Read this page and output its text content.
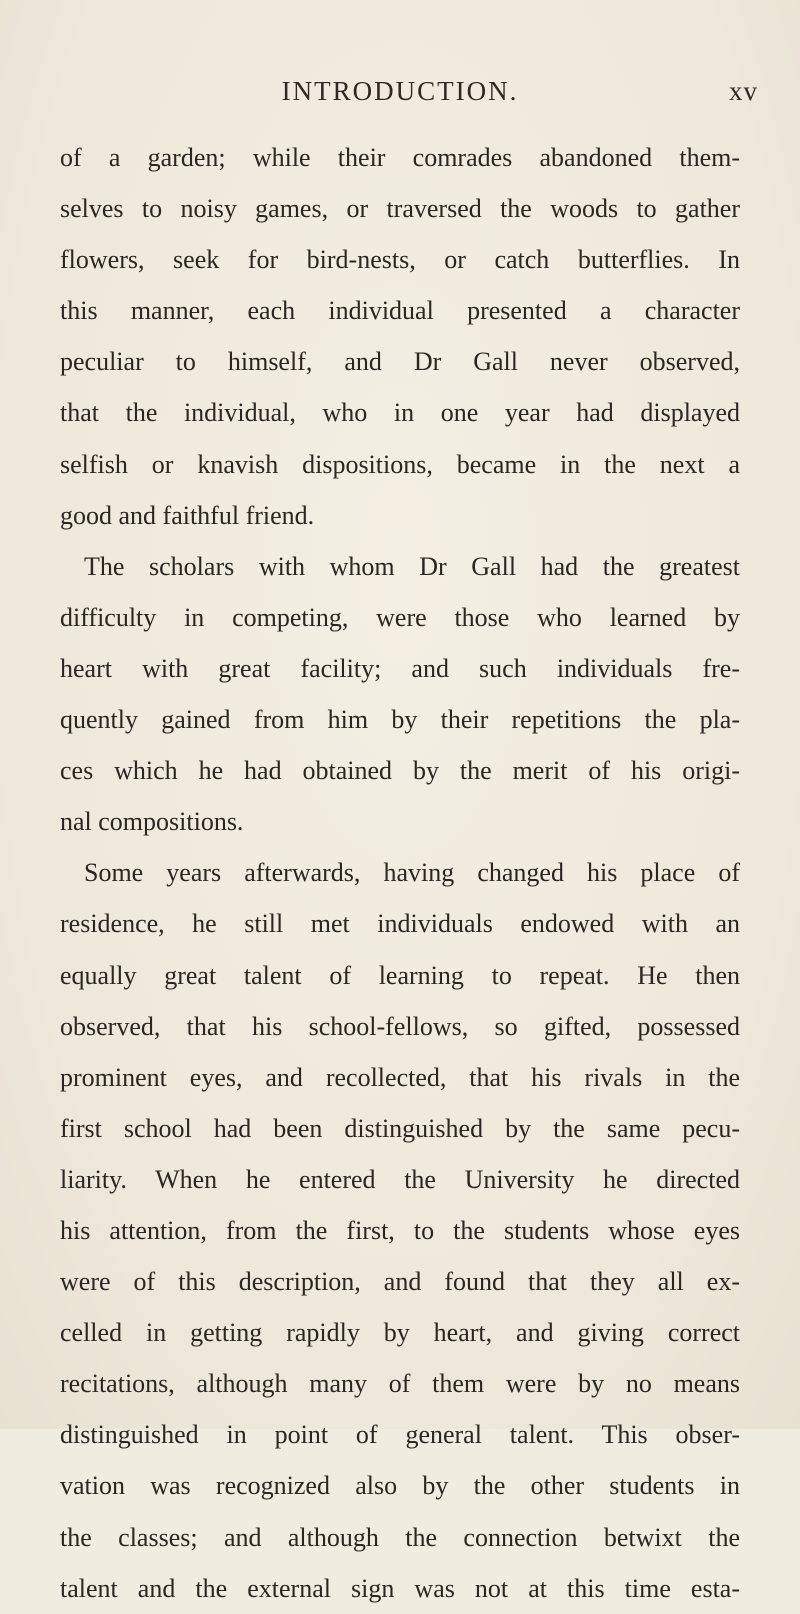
INTRODUCTION.	xv
of a garden; while their comrades abandoned them-
selves to noisy games, or traversed the woods to gather
flowers, seek for bird-nests, or catch butterflies. In
this manner, each individual presented a character
peculiar to himself, and Dr Gall never observed,
that the individual, who in one year had displayed
selfish or knavish dispositions, became in the next a
good and faithful friend.
The scholars with whom Dr Gall had the greatest
difficulty in competing, were those who learned by
heart with great facility; and such individuals fre-
quently gained from him by their repetitions the pla-
ces which he had obtained by the merit of his origi-
nal compositions.
Some years afterwards, having changed his place of
residence, he still met individuals endowed with an
equally great talent of learning to repeat. He then
observed, that his school-fellows, so gifted, possessed
prominent eyes, and recollected, that his rivals in the
first school had been distinguished by the same pecu-
liarity. When he entered the University he directed
his attention, from the first, to the students whose eyes
were of this description, and found that they all ex-
celled in getting rapidly by heart, and giving correct
recitations, although many of them were by no means
distinguished in point of general talent. This obser-
vation was recognized also by the other students in
the classes; and although the connection betwixt the
talent and the external sign was not at this time esta-
